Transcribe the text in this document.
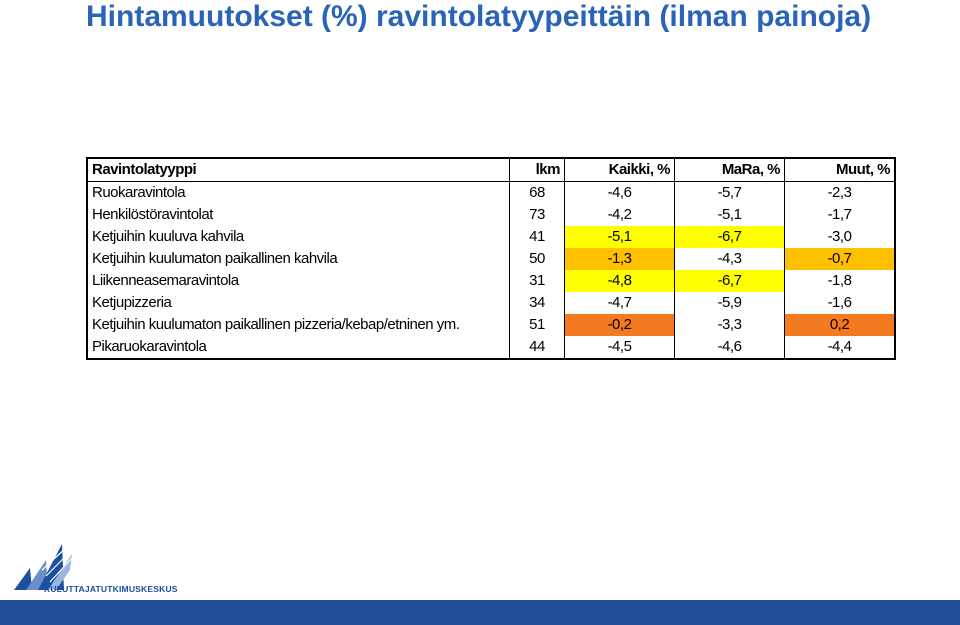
Hintamuutokset (%) ravintolatyypeittäin (ilman painoja)
Ravintolatyyppi	lkm	Kaikki, %	MaRa, %	Muut, %
Ruokaravintola	68	-4,6	-5,7	-2,3
Henkilöstöravintolat	73	-4,2	-5,1	-1,7
Ketjuihin kuuluva kahvila	41	-5,1	-6,7	-3,0
Ketjuihin kuulumaton paikallinen kahvila	50	-1,3	-4,3	-0,7
Liikenneasemaravintola	31	-4,8	-6,7	-1,8
Ketjupizzeria	34	-4,7	-5,9	-1,6
Ketjuihin kuulumaton paikallinen pizzeria/kebap/etninen ym.	51	-0,2	-3,3	0,2
Pikaruokaravintola	44	-4,5	-4,6	-4,4
KULUTTAJATUTKIMUSKESKUS
